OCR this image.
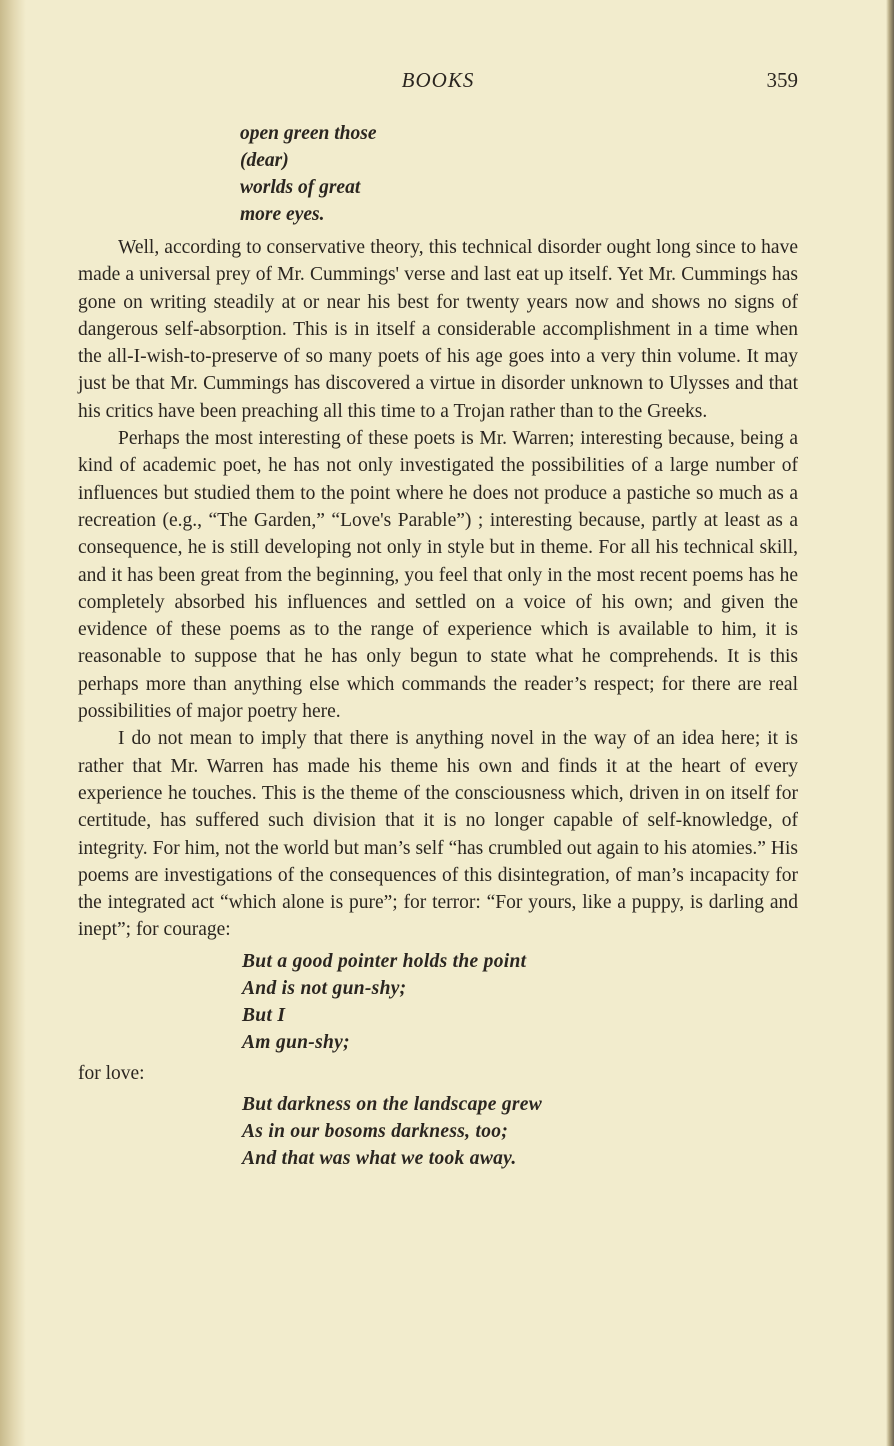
BOOKS	359
open green those
(dear)
worlds of great
more eyes.

Well, according to conservative theory, this technical disorder ought long since to have made a universal prey of Mr. Cummings' verse and last eat up itself. Yet Mr. Cummings has gone on writing steadily at or near his best for twenty years now and shows no signs of dangerous self-absorption. This is in itself a considerable accomplishment in a time when the all-I-wish-to-preserve of so many poets of his age goes into a very thin volume. It may just be that Mr. Cummings has discovered a virtue in disorder unknown to Ulysses and that his critics have been preaching all this time to a Trojan rather than to the Greeks.

Perhaps the most interesting of these poets is Mr. Warren; interesting because, being a kind of academic poet, he has not only investigated the possibilities of a large number of influences but studied them to the point where he does not produce a pastiche so much as a recreation (e.g., “The Garden,” “Love's Parable”) ; interesting because, partly at least as a consequence, he is still developing not only in style but in theme. For all his technical skill, and it has been great from the beginning, you feel that only in the most recent poems has he completely absorbed his influences and settled on a voice of his own; and given the evidence of these poems as to the range of experience which is available to him, it is reasonable to suppose that he has only begun to state what he comprehends. It is this perhaps more than anything else which commands the reader’s respect; for there are real possibilities of major poetry here.

I do not mean to imply that there is anything novel in the way of an idea here; it is rather that Mr. Warren has made his theme his own and finds it at the heart of every experience he touches. This is the theme of the consciousness which, driven in on itself for certitude, has suffered such division that it is no longer capable of self-knowledge, of integrity. For him, not the world but man’s self “has crumbled out again to his atomies.” His poems are investigations of the consequences of this disintegration, of man’s incapacity for the integrated act “which alone is pure”; for terror: “For yours, like a puppy, is darling and inept”; for courage:

But a good pointer holds the point
And is not gun-shy;
But I
Am gun-shy;

for love:

But darkness on the landscape grew
As in our bosoms darkness, too;
And that was what we took away.
